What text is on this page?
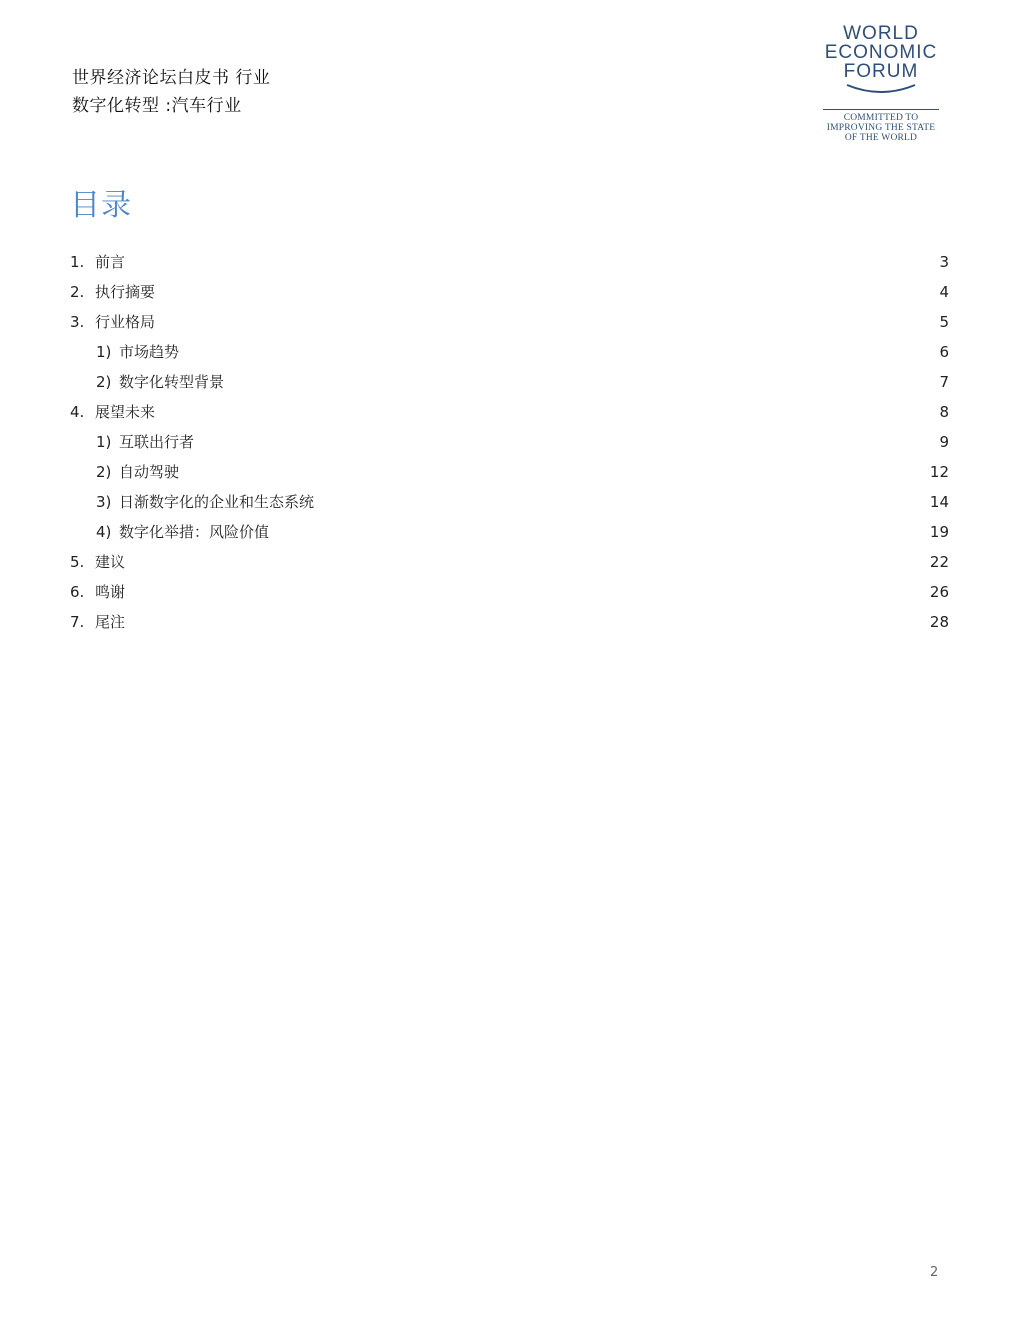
世界经济论坛白皮书 行业
数字化转型 :汽车行业
WORLD
ECONOMIC
FORUM
COMMITTED TO
IMPROVING THE STATE
OF THE WORLD
目录
1. 前言	3
2. 执行摘要	4
3. 行业格局	5
1) 市场趋势	6
2) 数字化转型背景	7
4. 展望未来	8
1) 互联出行者	9
2) 自动驾驶	12
3) 日渐数字化的企业和生态系统	14
4) 数字化举措：风险价值	19
5. 建议	22
6. 鸣谢	26
7. 尾注	28
2
